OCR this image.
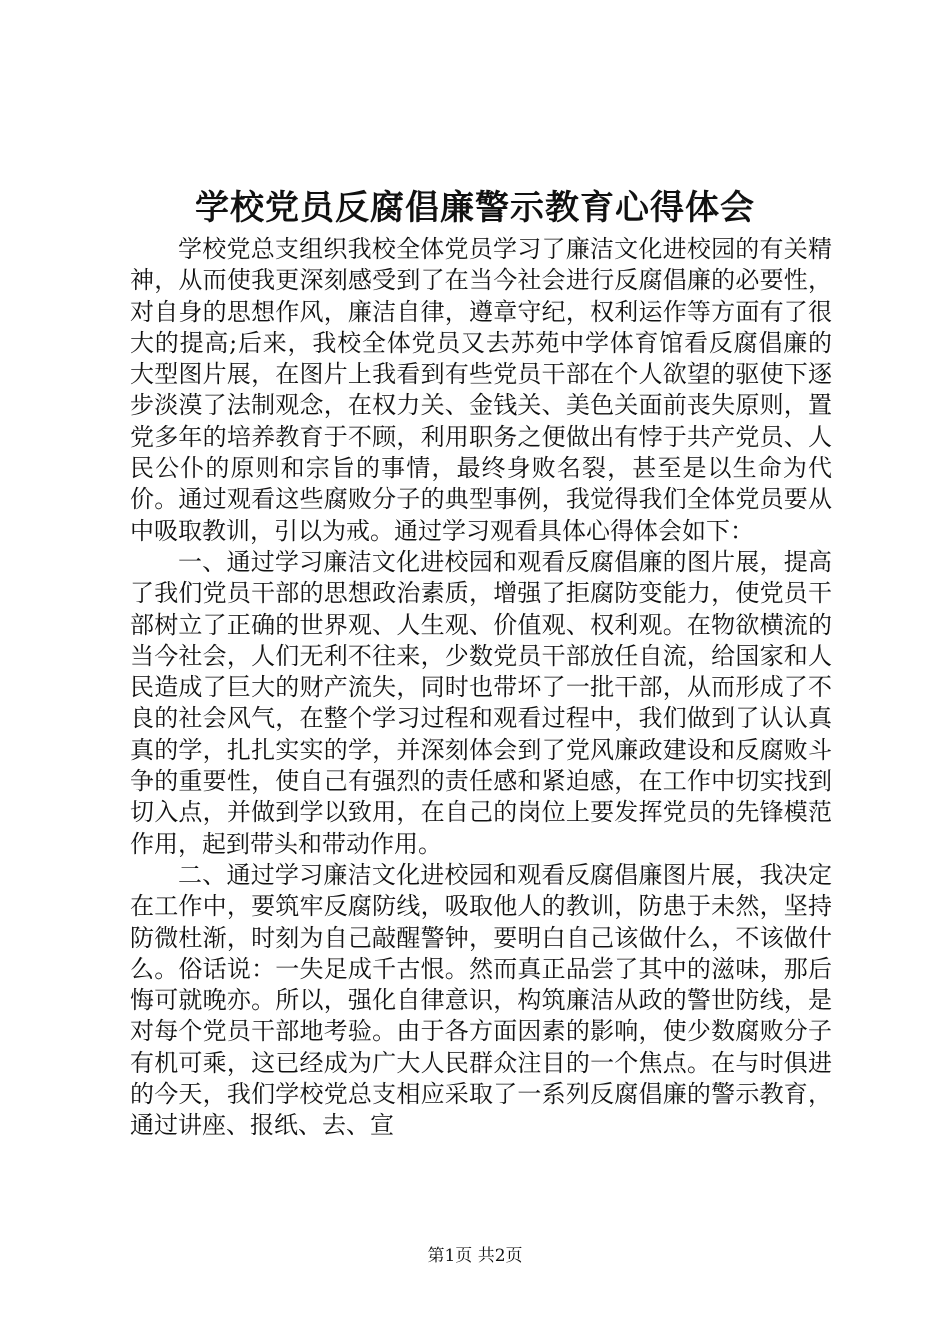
学校党员反腐倡廉警示教育心得体会

学校党总支组织我校全体党员学习了廉洁文化进校园的有关精神，从而使我更深刻感受到了在当今社会进行反腐倡廉的必要性，对自身的思想作风，廉洁自律，遵章守纪，权利运作等方面有了很大的提高;后来，我校全体党员又去苏苑中学体育馆看反腐倡廉的大型图片展，在图片上我看到有些党员干部在个人欲望的驱使下逐步淡漠了法制观念，在权力关、金钱关、美色关面前丧失原则，置党多年的培养教育于不顾，利用职务之便做出有悖于共产党员、人民公仆的原则和宗旨的事情，最终身败名裂，甚至是以生命为代价。通过观看这些腐败分子的典型事例，我觉得我们全体党员要从中吸取教训，引以为戒。通过学习观看具体心得体会如下：

一、通过学习廉洁文化进校园和观看反腐倡廉的图片展，提高了我们党员干部的思想政治素质，增强了拒腐防变能力，使党员干部树立了正确的世界观、人生观、价值观、权利观。在物欲横流的当今社会，人们无利不往来，少数党员干部放任自流，给国家和人民造成了巨大的财产流失，同时也带坏了一批干部，从而形成了不良的社会风气，在整个学习过程和观看过程中，我们做到了认认真真的学，扎扎实实的学，并深刻体会到了党风廉政建设和反腐败斗争的重要性，使自己有强烈的责任感和紧迫感，在工作中切实找到切入点，并做到学以致用，在自己的岗位上要发挥党员的先锋模范作用，起到带头和带动作用。

二、通过学习廉洁文化进校园和观看反腐倡廉图片展，我决定在工作中，要筑牢反腐防线，吸取他人的教训，防患于未然，坚持防微杜渐，时刻为自己敲醒警钟，要明白自己该做什么，不该做什么。俗话说：一失足成千古恨。然而真正品尝了其中的滋味，那后悔可就晚亦。所以，强化自律意识，构筑廉洁从政的警世防线，是对每个党员干部地考验。由于各方面因素的影响，使少数腐败分子有机可乘，这已经成为广大人民群众注目的一个焦点。在与时俱进的今天，我们学校党总支相应采取了一系列反腐倡廉的警示教育，通过讲座、报纸、去、宣

第1页 共2页
